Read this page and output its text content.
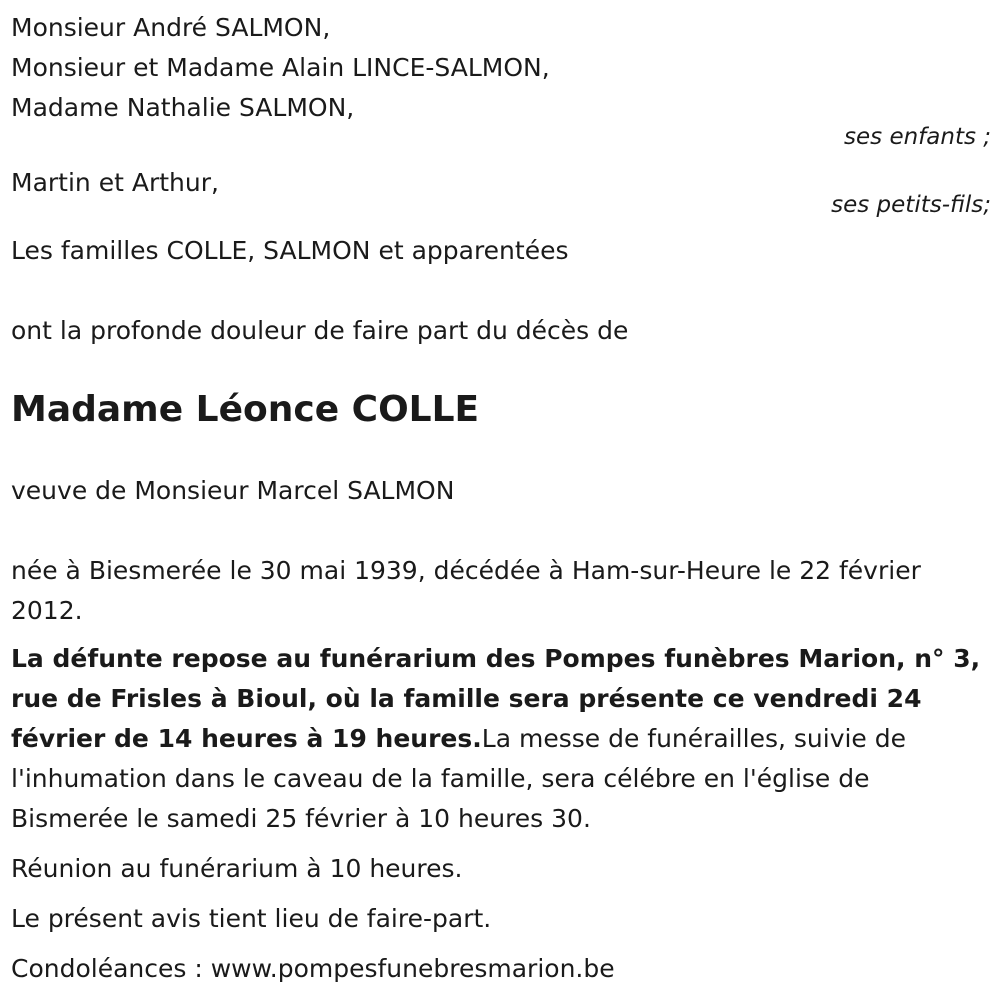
Monsieur André SALMON,

Monsieur et Madame Alain LINCE-SALMON,

Madame Nathalie SALMON,

ses enfants ;

Martin et Arthur,

ses petits-fils;

Les familles COLLE, SALMON et apparentées

ont la profonde douleur de faire part du décès de

Madame Léonce COLLE

veuve de Monsieur Marcel SALMON

née à Biesmerée le 30 mai 1939, décédée à Ham-sur-Heure le 22 février 2012.

La défunte repose au funérarium des Pompes funèbres Marion, n° 3, rue de Frisles à Bioul, où la famille sera présente ce vendredi 24 février de 14 heures à 19 heures.La messe de funérailles, suivie de l'inhumation dans le caveau de la famille, sera célébre en l'église de Bismerée le samedi 25 février à 10 heures 30.

Réunion au funérarium à 10 heures.

Le présent avis tient lieu de faire-part.

Condoléances : www.pompesfunebresmarion.be
